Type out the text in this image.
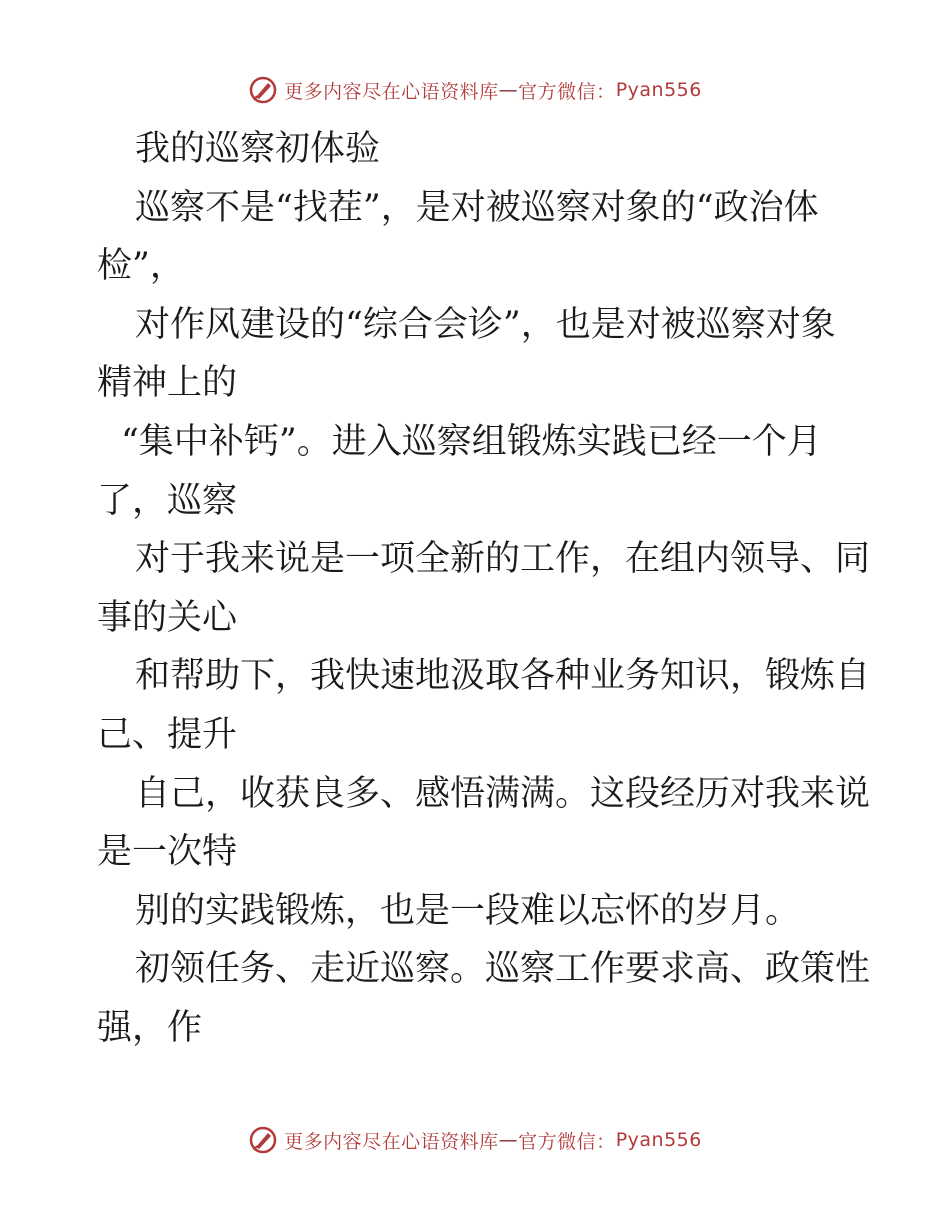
更多内容尽在心语资料库 — 官方微信： Pyan556

我的巡察初体验

巡察不是“找茬”，是对被巡察对象的“政治体
检”，

对作风建设的“综合会诊”，也是对被巡察对象
精神上的

“集中补钙”。进入巡察组锻炼实践已经一个月
了，巡察

对于我来说是一项全新的工作，在组内领导、同
事的关心

和帮助下，我快速地汲取各种业务知识，锻炼自
己、提升

自己，收获良多、感悟满满。这段经历对我来说
是一次特

别的实践锻炼，也是一段难以忘怀的岁月。

初领任务、走近巡察。巡察工作要求高、政策性
强，作

更多内容尽在心语资料库 — 官方微信： Pyan556
